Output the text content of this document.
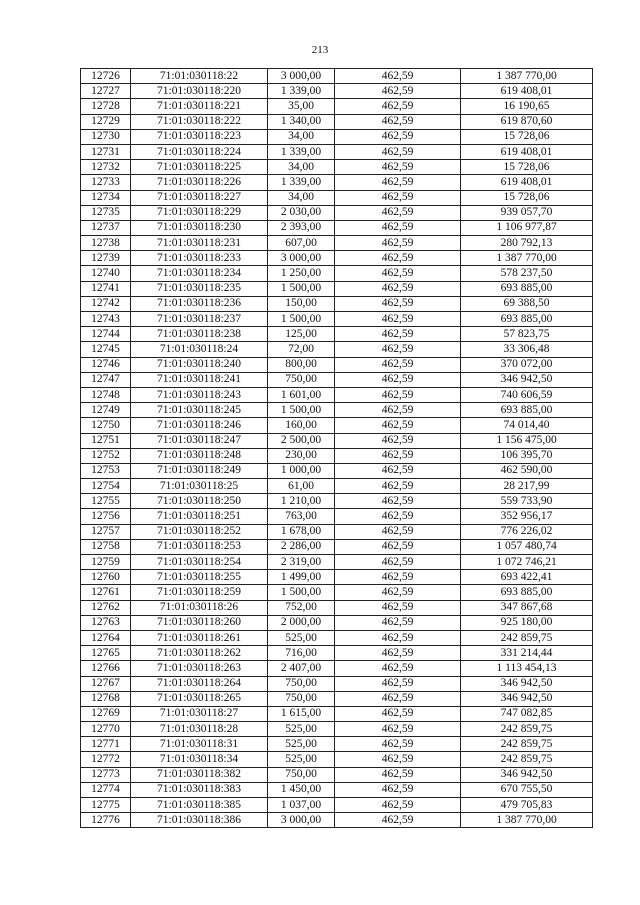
213
12726	71:01:030118:22	3 000,00	462,59	1 387 770,00
12727	71:01:030118:220	1 339,00	462,59	619 408,01
12728	71:01:030118:221	35,00	462,59	16 190,65
12729	71:01:030118:222	1 340,00	462,59	619 870,60
12730	71:01:030118:223	34,00	462,59	15 728,06
12731	71:01:030118:224	1 339,00	462,59	619 408,01
12732	71:01:030118:225	34,00	462,59	15 728,06
12733	71:01:030118:226	1 339,00	462,59	619 408,01
12734	71:01:030118:227	34,00	462,59	15 728,06
12735	71:01:030118:229	2 030,00	462,59	939 057,70
12737	71:01:030118:230	2 393,00	462,59	1 106 977,87
12738	71:01:030118:231	607,00	462,59	280 792,13
12739	71:01:030118:233	3 000,00	462,59	1 387 770,00
12740	71:01:030118:234	1 250,00	462,59	578 237,50
12741	71:01:030118:235	1 500,00	462,59	693 885,00
12742	71:01:030118:236	150,00	462,59	69 388,50
12743	71:01:030118:237	1 500,00	462,59	693 885,00
12744	71:01:030118:238	125,00	462,59	57 823,75
12745	71:01:030118:24	72,00	462,59	33 306,48
12746	71:01:030118:240	800,00	462,59	370 072,00
12747	71:01:030118:241	750,00	462,59	346 942,50
12748	71:01:030118:243	1 601,00	462,59	740 606,59
12749	71:01:030118:245	1 500,00	462,59	693 885,00
12750	71:01:030118:246	160,00	462,59	74 014,40
12751	71:01:030118:247	2 500,00	462,59	1 156 475,00
12752	71:01:030118:248	230,00	462,59	106 395,70
12753	71:01:030118:249	1 000,00	462,59	462 590,00
12754	71:01:030118:25	61,00	462,59	28 217,99
12755	71:01:030118:250	1 210,00	462,59	559 733,90
12756	71:01:030118:251	763,00	462,59	352 956,17
12757	71:01:030118:252	1 678,00	462,59	776 226,02
12758	71:01:030118:253	2 286,00	462,59	1 057 480,74
12759	71:01:030118:254	2 319,00	462,59	1 072 746,21
12760	71:01:030118:255	1 499,00	462,59	693 422,41
12761	71:01:030118:259	1 500,00	462,59	693 885,00
12762	71:01:030118:26	752,00	462,59	347 867,68
12763	71:01:030118:260	2 000,00	462,59	925 180,00
12764	71:01:030118:261	525,00	462,59	242 859,75
12765	71:01:030118:262	716,00	462,59	331 214,44
12766	71:01:030118:263	2 407,00	462,59	1 113 454,13
12767	71:01:030118:264	750,00	462,59	346 942,50
12768	71:01:030118:265	750,00	462,59	346 942,50
12769	71:01:030118:27	1 615,00	462,59	747 082,85
12770	71:01:030118:28	525,00	462,59	242 859,75
12771	71:01:030118:31	525,00	462,59	242 859,75
12772	71:01:030118:34	525,00	462,59	242 859,75
12773	71:01:030118:382	750,00	462,59	346 942,50
12774	71:01:030118:383	1 450,00	462,59	670 755,50
12775	71:01:030118:385	1 037,00	462,59	479 705,83
12776	71:01:030118:386	3 000,00	462,59	1 387 770,00
